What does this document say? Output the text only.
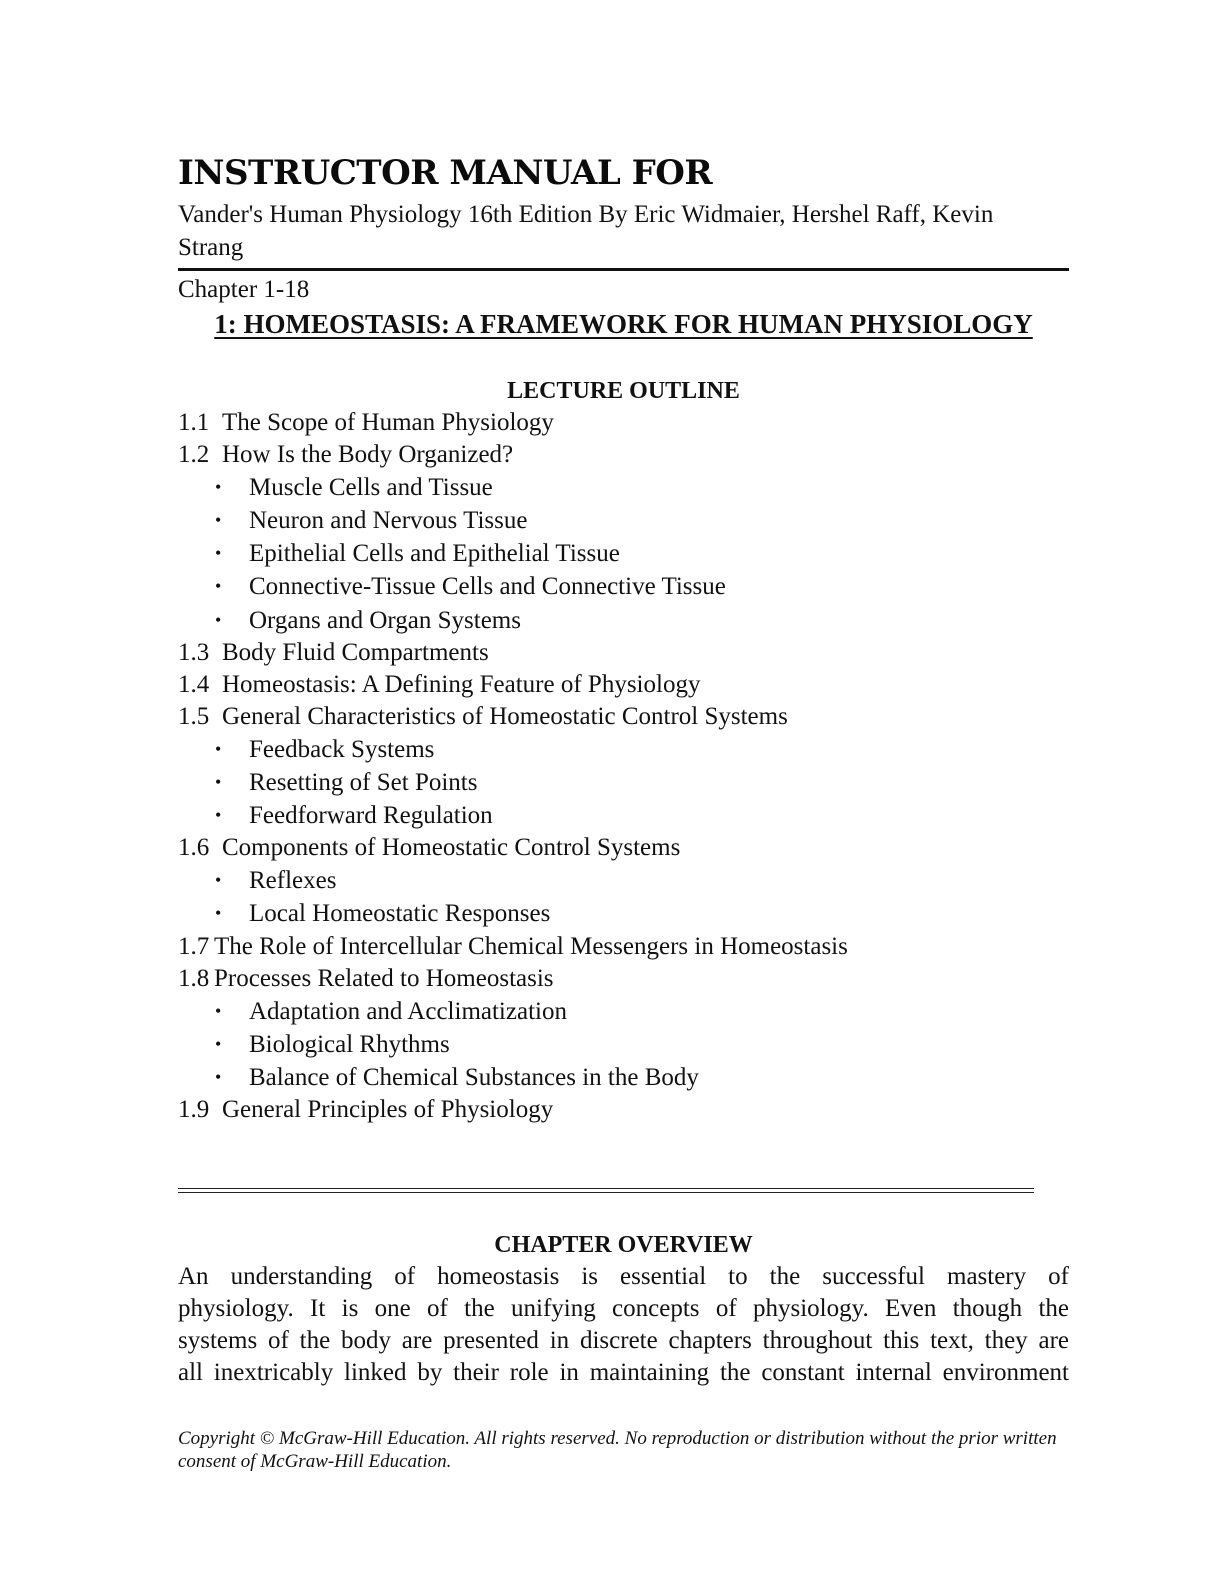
INSTRUCTOR MANUAL FOR

Vander's Human Physiology 16th Edition By Eric Widmaier, Hershel Raff, Kevin Strang

Chapter 1-18

1: HOMEOSTASIS: A FRAMEWORK FOR HUMAN PHYSIOLOGY
LECTURE OUTLINE
1.1 The Scope of Human Physiology
1.2 How Is the Body Organized?
• Muscle Cells and Tissue
• Neuron and Nervous Tissue
• Epithelial Cells and Epithelial Tissue
• Connective-Tissue Cells and Connective Tissue
• Organs and Organ Systems
1.3 Body Fluid Compartments
1.4 Homeostasis: A Defining Feature of Physiology
1.5 General Characteristics of Homeostatic Control Systems
• Feedback Systems
• Resetting of Set Points
• Feedforward Regulation
1.6 Components of Homeostatic Control Systems
• Reflexes
• Local Homeostatic Responses
1.7 The Role of Intercellular Chemical Messengers in Homeostasis
1.8 Processes Related to Homeostasis
• Adaptation and Acclimatization
• Biological Rhythms
• Balance of Chemical Substances in the Body
1.9 General Principles of Physiology
CHAPTER OVERVIEW

An understanding of homeostasis is essential to the successful mastery of

physiology. It is one of the unifying concepts of physiology. Even though the

systems of the body are presented in discrete chapters throughout this text, they are

all inextricably linked by their role in maintaining the constant internal environment

Copyright © McGraw-Hill Education. All rights reserved. No reproduction or distribution without the prior written consent of McGraw-Hill Education.
